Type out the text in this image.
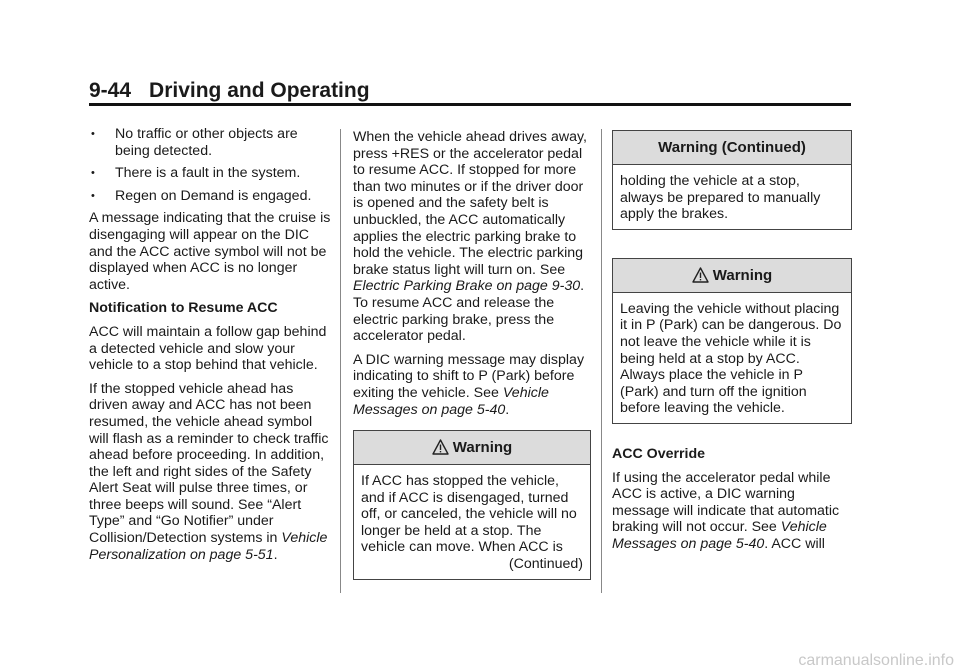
9-44 Driving and Operating
• No traffic or other objects are being detected.
• There is a fault in the system.
• Regen on Demand is engaged.

A message indicating that the cruise is disengaging will appear on the DIC and the ACC active symbol will not be displayed when ACC is no longer active.

Notification to Resume ACC

ACC will maintain a follow gap behind a detected vehicle and slow your vehicle to a stop behind that vehicle.

If the stopped vehicle ahead has driven away and ACC has not been resumed, the vehicle ahead symbol will flash as a reminder to check traffic ahead before proceeding. In addition, the left and right sides of the Safety Alert Seat will pulse three times, or three beeps will sound. See “Alert Type” and “Go Notifier” under Collision/Detection systems in Vehicle Personalization on page 5-51.

When the vehicle ahead drives away, press +RES or the accelerator pedal to resume ACC. If stopped for more than two minutes or if the driver door is opened and the safety belt is unbuckled, the ACC automatically applies the electric parking brake to hold the vehicle. The electric parking brake status light will turn on. See Electric Parking Brake on page 9-30. To resume ACC and release the electric parking brake, press the accelerator pedal.

A DIC warning message may display indicating to shift to P (Park) before exiting the vehicle. See Vehicle Messages on page 5-40.

Warning
If ACC has stopped the vehicle, and if ACC is disengaged, turned off, or canceled, the vehicle will no longer be held at a stop. The vehicle can move. When ACC is
(Continued)
Warning (Continued)
holding the vehicle at a stop, always be prepared to manually apply the brakes.
Warning
Leaving the vehicle without placing it in P (Park) can be dangerous. Do not leave the vehicle while it is being held at a stop by ACC. Always place the vehicle in P (Park) and turn off the ignition before leaving the vehicle.
ACC Override

If using the accelerator pedal while ACC is active, a DIC warning message will indicate that automatic braking will not occur. See Vehicle Messages on page 5-40. ACC will

carmanualsonline.info
